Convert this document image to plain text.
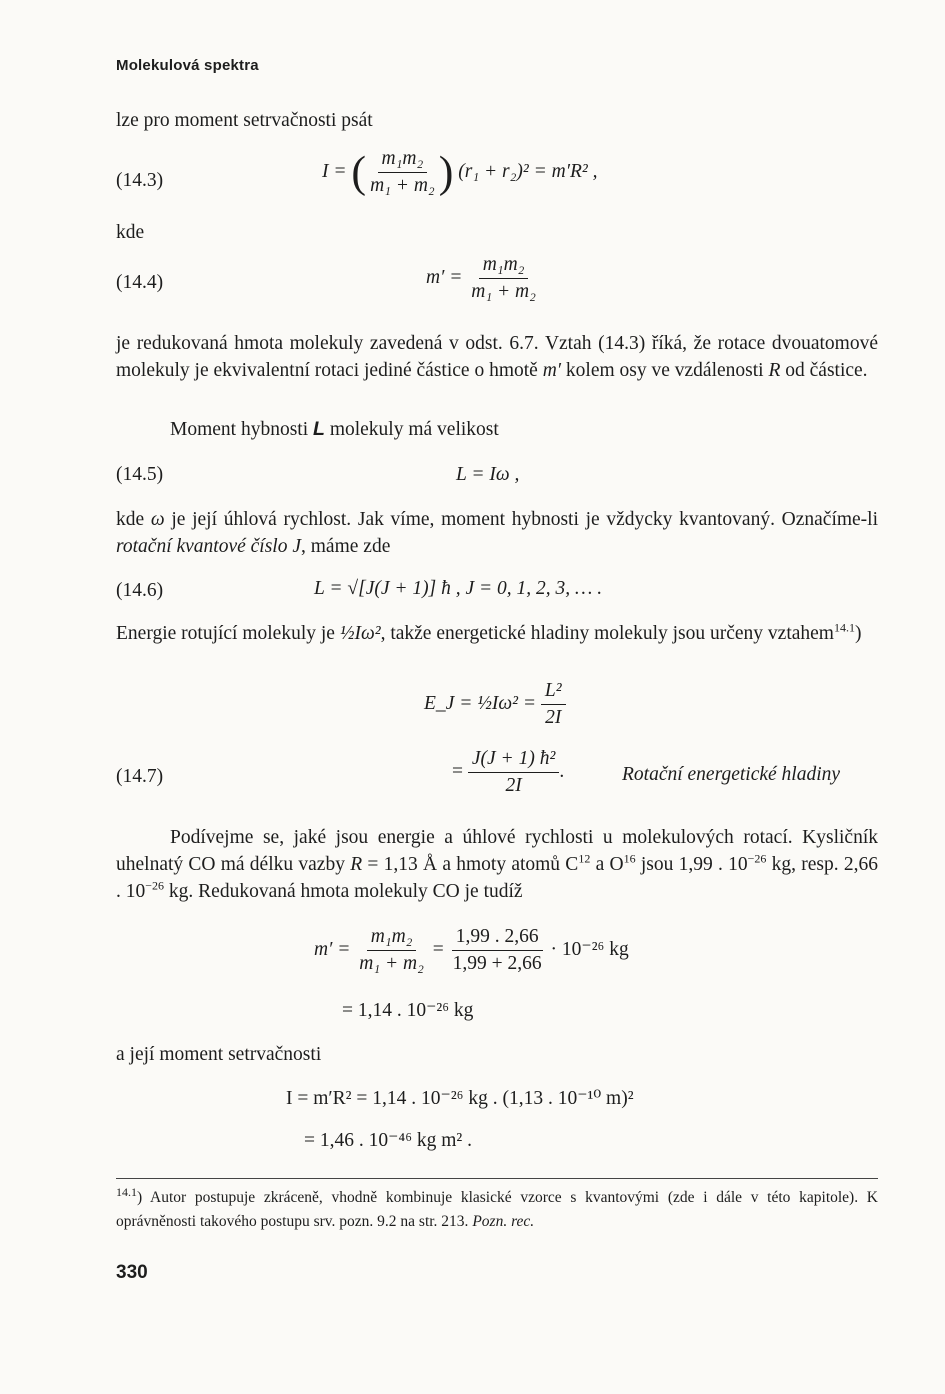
Molekulová spektra
lze pro moment setrvačnosti psát
(14.3)	I = ( $\frac{\text{m₁m₂}}{\text{m₁ + m₂}}$ ) (r₁ + r₂)² = m′R² ,
kde
(14.4)	$m' = \frac{\text{m₁m₂}}{\text{m₁ + m₂}}$
je redukovaná hmota molekuly zavedená v odst. 6.7. Vztah (14.3) říká, že rotace dvouatomové molekuly je ekvivalentní rotaci jediné částice o hmotě m′ kolem osy ve vzdálenosti R od částice.
Moment hybnosti L molekuly má velikost
(14.5)	L = Iω ,
kde ω je její úhlová rychlost. Jak víme, moment hybnosti je vždycky kvantovaný. Označíme-li rotační kvantové číslo J, máme zde
(14.6)	L = √[J(J + 1)] ħ , J = 0, 1, 2, 3, … .
Energie rotující molekuly je ½Iω², takže energetické hladiny molekuly jsou určeny vztahem$^{14.1}$)
E_J = ½Iω² = $\frac{\text{L²}}{2I}$
(14.7)	= $\frac{\text{J(J + 1) ħ²}}{2I}$ .	Rotační energetické hladiny
Podívejme se, jaké jsou energie a úhlové rychlosti u molekulových rotací. Kysličník uhelnatý CO má délku vazby R = 1,13 Å a hmoty atomů $C^{12}$ a $O^{16}$ jsou 1,99 . $10^{-26}$ kg, resp. 2,66 . $10^{-26}$ kg. Redukovaná hmota molekuly CO je tudíž
$m' = \frac{\text{m₁m₂}}{\text{m₁ + m₂}} = \frac{1,99 . 2,66}{1,99 + 2,66} \cdot 10^{-26}$ kg
= 1,14 . 10⁻²⁶ kg
a její moment setrvačnosti
I = m′R² = 1,14 . 10⁻²⁶ kg . (1,13 . 10⁻¹⁰ m)²
= 1,46 . 10⁻⁴⁶ kg m² .
$^{14.1}$) Autor postupuje zkráceně, vhodně kombinuje klasické vzorce s kvantovými (zde i dále v této kapitole). K oprávněnosti takového postupu srv. pozn. 9.2 na str. 213. Pozn. rec.
330
